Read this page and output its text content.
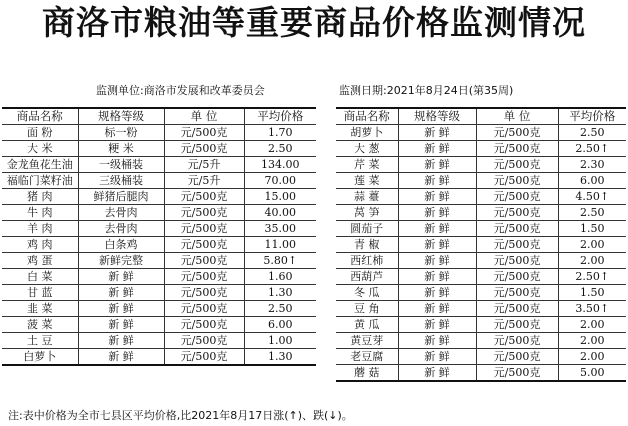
商洛市粮油等重要商品价格监测情况
监测单位:商洛市发展和改革委员会	监测日期:2021年8月24日(第35周)
商品名称	规格等级	单 位	平均价格
面 粉	标一粉	元/500克	1.70
大 米	粳 米	元/500克	2.50
金龙鱼花生油	一级桶装	元/5升	134.00
福临门菜籽油	三级桶装	元/5升	70.00
猪 肉	鲜猪后腿肉	元/500克	15.00
牛 肉	去骨肉	元/500克	40.00
羊 肉	去骨肉	元/500克	35.00
鸡 肉	白条鸡	元/500克	11.00
鸡 蛋	新鲜完整	元/500克	5.80↑
白 菜	新 鲜	元/500克	1.60
甘 蓝	新 鲜	元/500克	1.30
韭 菜	新 鲜	元/500克	2.50
菠 菜	新 鲜	元/500克	6.00
土 豆	新 鲜	元/500克	1.00
白萝卜	新 鲜	元/500克	1.30
商品名称	规格等级	单 位	平均价格
胡萝卜	新 鲜	元/500克	2.50
大 葱	新 鲜	元/500克	2.50↑
芹 菜	新 鲜	元/500克	2.30
莲 菜	新 鲜	元/500克	6.00
蒜 薹	新 鲜	元/500克	4.50↑
莴 笋	新 鲜	元/500克	2.50
圆茄子	新 鲜	元/500克	1.50
青 椒	新 鲜	元/500克	2.00
西红柿	新 鲜	元/500克	2.00
西葫芦	新 鲜	元/500克	2.50↑
冬 瓜	新 鲜	元/500克	1.50
豆 角	新 鲜	元/500克	3.50↑
黄 瓜	新 鲜	元/500克	2.00
黄豆芽	新 鲜	元/500克	2.00
老豆腐	新 鲜	元/500克	2.00
蘑 菇	新 鲜	元/500克	5.00
注:表中价格为全市七县区平均价格,比2021年8月17日涨(↑)、跌(↓)。
